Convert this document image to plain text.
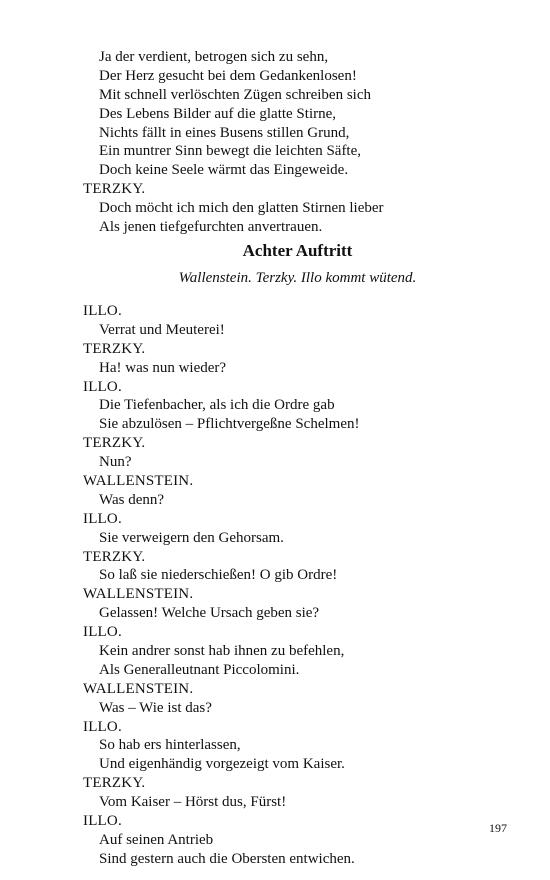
Ja der verdient, betrogen sich zu sehn,
Der Herz gesucht bei dem Gedankenlosen!
Mit schnell verlöschten Zügen schreiben sich
Des Lebens Bilder auf die glatte Stirne,
Nichts fällt in eines Busens stillen Grund,
Ein muntrer Sinn bewegt die leichten Säfte,
Doch keine Seele wärmt das Eingeweide.
TERZKY.
Doch möcht ich mich den glatten Stirnen lieber
Als jenen tiefgefurchten anvertrauen.
Achter Auftritt
Wallenstein. Terzky. Illo kommt wütend.
ILLO.
Verrat und Meuterei!
TERZKY.
Ha! was nun wieder?
ILLO.
Die Tiefenbacher, als ich die Ordre gab
Sie abzulösen – Pflichtvergeßne Schelmen!
TERZKY.
Nun?
WALLENSTEIN.
Was denn?
ILLO.
Sie verweigern den Gehorsam.
TERZKY.
So laß sie niederschießen! O gib Ordre!
WALLENSTEIN.
Gelassen! Welche Ursach geben sie?
ILLO.
Kein andrer sonst hab ihnen zu befehlen,
Als Generalleutnant Piccolomini.
WALLENSTEIN.
Was – Wie ist das?
ILLO.
So hab ers hinterlassen,
Und eigenhändig vorgezeigt vom Kaiser.
TERZKY.
Vom Kaiser – Hörst dus, Fürst!
ILLO.
Auf seinen Antrieb
Sind gestern auch die Obersten entwichen.
197
